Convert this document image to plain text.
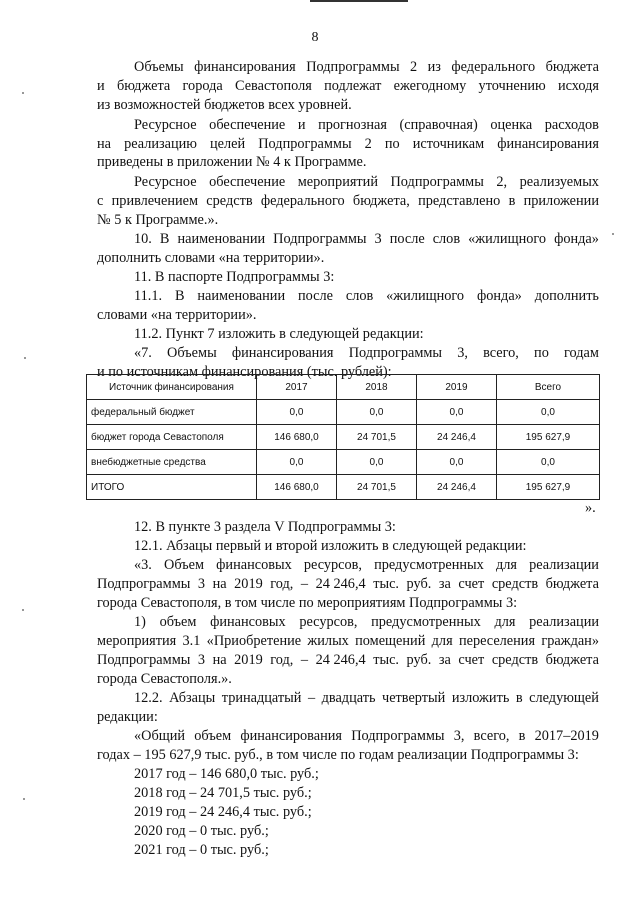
8
Объемы финансирования Подпрограммы 2 из федерального бюджета
и бюджета города Севастополя подлежат ежегодному уточнению исходя
из возможностей бюджетов всех уровней.
Ресурсное обеспечение и прогнозная (справочная) оценка расходов
на реализацию целей Подпрограммы 2 по источникам финансирования
приведены в приложении № 4 к Программе.
Ресурсное обеспечение мероприятий Подпрограммы 2, реализуемых
с привлечением средств федерального бюджета, представлено в приложении
№ 5 к Программе.».
10. В наименовании Подпрограммы 3 после слов «жилищного фонда»
дополнить словами «на территории».
11. В паспорте Подпрограммы 3:
11.1. В наименовании после слов «жилищного фонда» дополнить
словами «на территории».
11.2. Пункт 7 изложить в следующей редакции:
«7. Объемы финансирования Подпрограммы 3, всего, по годам
и по источникам финансирования (тыс. рублей):
Источник финансирования	2017	2018	2019	Всего
федеральный бюджет	0,0	0,0	0,0	0,0
бюджет города Севастополя	146 680,0	24 701,5	24 246,4	195 627,9
внебюджетные средства	0,0	0,0	0,0	0,0
ИТОГО	146 680,0	24 701,5	24 246,4	195 627,9
».
12. В пункте 3 раздела V Подпрограммы 3:
12.1. Абзацы первый и второй изложить в следующей редакции:
«3. Объем финансовых ресурсов, предусмотренных для реализации
Подпрограммы 3 на 2019 год, – 24 246,4 тыс. руб. за счет средств бюджета
города Севастополя, в том числе по мероприятиям Подпрограммы 3:
1) объем финансовых ресурсов, предусмотренных для реализации
мероприятия 3.1 «Приобретение жилых помещений для переселения граждан»
Подпрограммы 3 на 2019 год, – 24 246,4 тыс. руб. за счет средств бюджета
города Севастополя.».
12.2. Абзацы тринадцатый – двадцать четвертый изложить в следующей
редакции:
«Общий объем финансирования Подпрограммы 3, всего, в 2017–2019
годах – 195 627,9 тыс. руб., в том числе по годам реализации Подпрограммы 3:
2017 год – 146 680,0 тыс. руб.;
2018 год – 24 701,5 тыс. руб.;
2019 год – 24 246,4 тыс. руб.;
2020 год – 0 тыс. руб.;
2021 год – 0 тыс. руб.;
